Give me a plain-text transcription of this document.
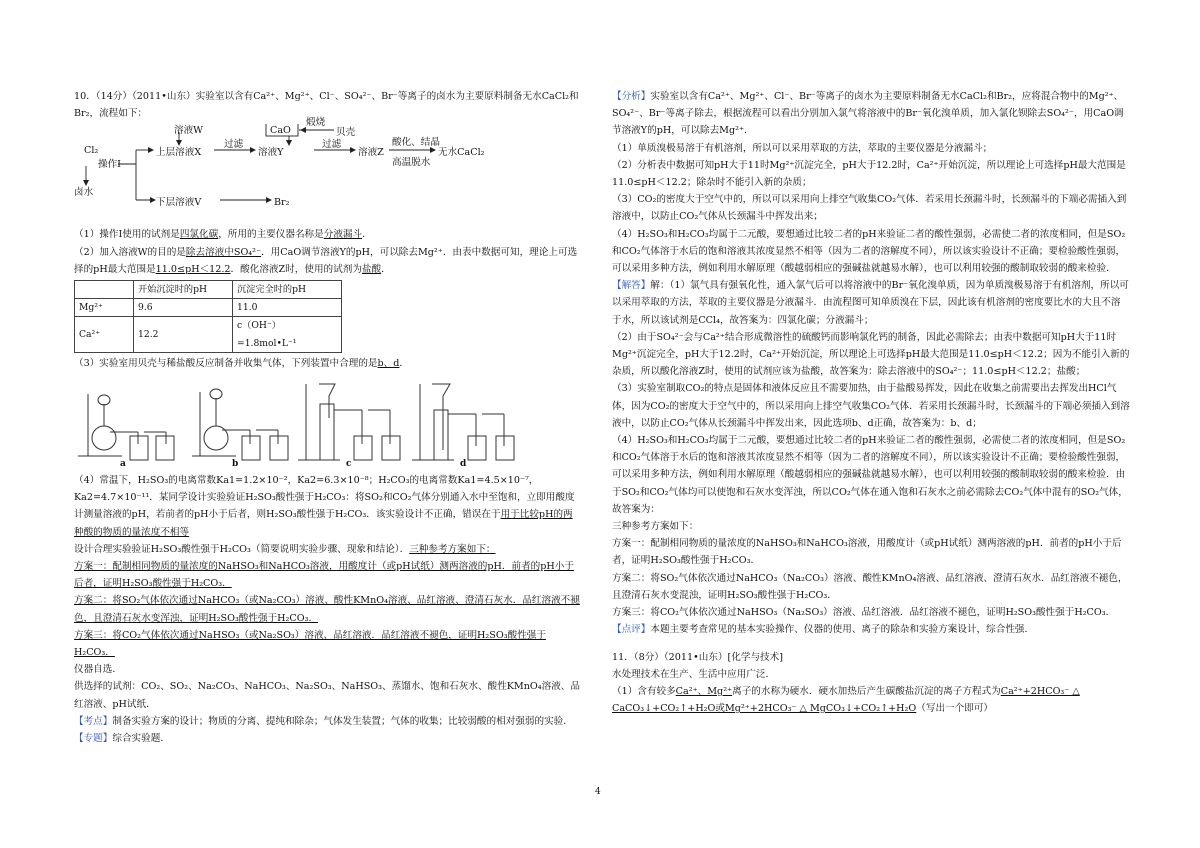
10．（14分）（2011•山东）实验室以含有Ca²⁺、Mg²⁺、Cl⁻、SO₄²⁻、Br⁻等离子的卤水为主要原料制备无水CaCl₂和Br₂，流程如下：

Cl₂
操作Ⅰ
卤水
溶液W
上层溶液X
下层溶液V
过滤
溶液Y
CaO
煅烧
贝壳
过滤
溶液Z
酸化、结晶
高温脱水
无水CaCl₂
Br₂

（1）操作Ⅰ使用的试剂是四氯化碳，所用的主要仪器名称是分液漏斗．

（2）加入溶液W的目的是除去溶液中SO₄²⁻．用CaO调节溶液Y的pH，可以除去Mg²⁺．由表中数据可知，理论上可选择的pH最大范围是11.0≤pH＜12.2．酸化溶液Z时，使用的试剂为盐酸．

	开始沉淀时的pH	沉淀完全时的pH
Mg²⁺	9.6	11.0
Ca²⁺	12.2	c（OH⁻）=1.8mol•L⁻¹

（3）实验室用贝壳与稀盐酸反应制备并收集气体，下列装置中合理的是b、d．

a	b	c	d

（4）常温下，H₂SO₃的电离常数Ka1=1.2×10⁻²，Ka2=6.3×10⁻⁸；H₂CO₃的电离常数Ka1=4.5×10⁻⁷，Ka2=4.7×10⁻¹¹．某同学设计实验验证H₂SO₃酸性强于H₂CO₃：将SO₂和CO₂气体分别通入水中至饱和，立即用酸度计测量溶液的pH，若前者的pH小于后者，则H₂SO₃酸性强于H₂CO₃．该实验设计不正确，错误在于用于比较pH的两种酸的物质的量浓度不相等

设计合理实验验证H₂SO₃酸性强于H₂CO₃（简要说明实验步骤、现象和结论）．三种参考方案如下：

方案一：配制相同物质的量浓度的NaHSO₃和NaHCO₃溶液，用酸度计（或pH试纸）测两溶液的pH．前者的pH小于后者，证明H₂SO₃酸性强于H₂CO₃．

方案二：将SO₂气体依次通过NaHCO₃（或Na₂CO₃）溶液、酸性KMnO₄溶液、品红溶液、澄清石灰水．品红溶液不褪色，且澄清石灰水变浑浊，证明H₂SO₃酸性强于H₂CO₃．

方案三：将CO₂气体依次通过NaHSO₃（或Na₂SO₃）溶液、品红溶液．品红溶液不褪色，证明H₂SO₃酸性强于H₂CO₃．

仪器自选．

供选择的试剂：CO₂、SO₂、Na₂CO₃、NaHCO₃、Na₂SO₃、NaHSO₃、蒸馏水、饱和石灰水、酸性KMnO₄溶液、品红溶液、pH试纸．

【考点】制备实验方案的设计；物质的分离、提纯和除杂；气体发生装置；气体的收集；比较弱酸的相对强弱的实验．

【专题】综合实验题．

【分析】实验室以含有Ca²⁺、Mg²⁺、Cl⁻、Br⁻等离子的卤水为主要原料制备无水CaCl₂和Br₂，应将混合物中的Mg²⁺、SO₄²⁻、Br⁻等离子除去，根据流程可以看出分别加入氯气将溶液中的Br⁻氧化溴单质，加入氯化钡除去SO₄²⁻，用CaO调节溶液Y的pH，可以除去Mg²⁺．

（1）单质溴极易溶于有机溶剂，所以可以采用萃取的方法，萃取的主要仪器是分液漏斗；

（2）分析表中数据可知pH大于11时Mg²⁺沉淀完全，pH大于12.2时，Ca²⁺开始沉淀，所以理论上可选择pH最大范围是11.0≤pH＜12.2；除杂时不能引入新的杂质；

（3）CO₂的密度大于空气中的，所以可以采用向上排空气收集CO₂气体．若采用长颈漏斗时，长颈漏斗的下端必需插入到溶液中，以防止CO₂气体从长颈漏斗中挥发出来；

（4）H₂SO₃和H₂CO₃均属于二元酸，要想通过比较二者的pH来验证二者的酸性强弱，必需使二者的浓度相同，但是SO₂和CO₂气体溶于水后的饱和溶液其浓度显然不相等（因为二者的溶解度不同），所以该实验设计不正确；要检验酸性强弱，可以采用多种方法，例如利用水解原理（酸越弱相应的强碱盐就越易水解），也可以利用较强的酸制取较弱的酸来检验．

【解答】解：（1）氯气具有强氧化性，通入氯气后可以将溶液中的Br⁻氧化溴单质，因为单质溴极易溶于有机溶剂，所以可以采用萃取的方法，萃取的主要仪器是分液漏斗．由流程图可知单质溴在下层，因此该有机溶剂的密度要比水的大且不溶于水，所以该试剂是CCl₄，故答案为：四氯化碳；分液漏斗；

（2）由于SO₄²⁻会与Ca²⁺结合形成微溶性的硫酸钙而影响氯化钙的制备，因此必需除去；由表中数据可知pH大于11时Mg²⁺沉淀完全，pH大于12.2时，Ca²⁺开始沉淀，所以理论上可选择pH最大范围是11.0≤pH＜12.2；因为不能引入新的杂质，所以酸化溶液Z时，使用的试剂应该为盐酸，故答案为：除去溶液中的SO₄²⁻；11.0≤pH＜12.2；盐酸；

（3）实验室制取CO₂的特点是固体和液体反应且不需要加热，由于盐酸易挥发，因此在收集之前需要出去挥发出HCl气体，因为CO₂的密度大于空气中的，所以采用向上排空气收集CO₂气体．若采用长颈漏斗时，长颈漏斗的下端必须插入到溶液中，以防止CO₂气体从长颈漏斗中挥发出来，因此选项b、d正确，故答案为：b、d；

（4）H₂SO₃和H₂CO₃均属于二元酸，要想通过比较二者的pH来验证二者的酸性强弱，必需使二者的浓度相同，但是SO₂和CO₂气体溶于水后的饱和溶液其浓度显然不相等（因为二者的溶解度不同），所以该实验设计不正确；要检验酸性强弱，可以采用多种方法，例如利用水解原理（酸越弱相应的强碱盐就越易水解），也可以利用较强的酸制取较弱的酸来检验．由于SO₂和CO₂气体均可以使饱和石灰水变浑浊，所以CO₂气体在通入饱和石灰水之前必需除去CO₂气体中混有的SO₂气体，故答案为：

三种参考方案如下：

方案一：配制相同物质的量浓度的NaHSO₃和NaHCO₃溶液，用酸度计（或pH试纸）测两溶液的pH．前者的pH小于后者，证明H₂SO₃酸性强于H₂CO₃．

方案二：将SO₂气体依次通过NaHCO₃（Na₂CO₃）溶液、酸性KMnO₄溶液、品红溶液、澄清石灰水．品红溶液不褪色，且澄清石灰水变混浊，证明H₂SO₃酸性强于H₂CO₃．

方案三：将CO₂气体依次通过NaHSO₃（Na₂SO₃）溶液、品红溶液．品红溶液不褪色，证明H₂SO₃酸性强于H₂CO₃．

【点评】本题主要考查常见的基本实验操作、仪器的使用、离子的除杂和实验方案设计，综合性强．

11．（8分）（2011•山东）[化学与技术]

水处理技术在生产、生活中应用广泛．

（1）含有较多Ca²⁺、Mg²⁺离子的水称为硬水．硬水加热后产生碳酸盐沉淀的离子方程式为Ca²⁺+2HCO₃⁻ △ CaCO₃↓+CO₂↑+H₂O或Mg²⁺+2HCO₃⁻ △ MgCO₃↓+CO₂↑+H₂O（写出一个即可）

4
